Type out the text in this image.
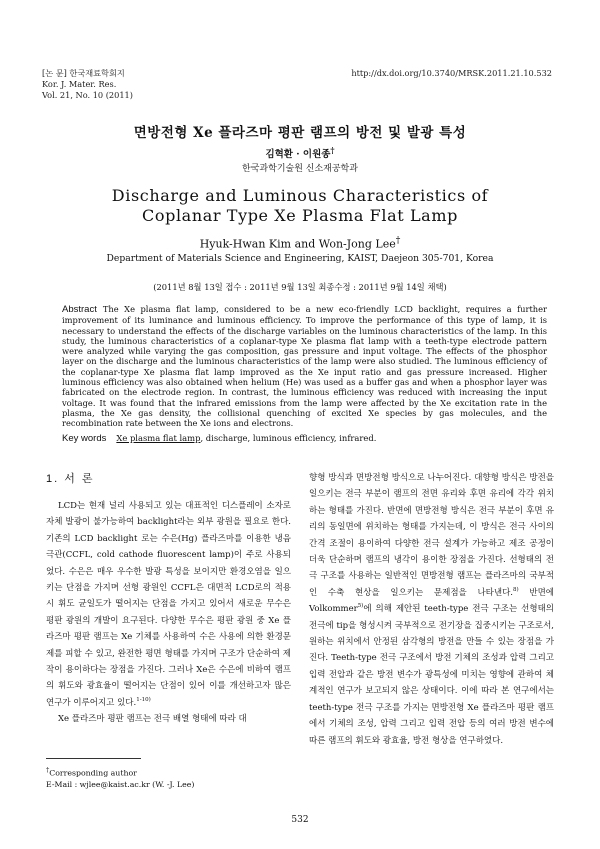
[논 문] 한국재료학회지
Kor. J. Mater. Res.
Vol. 21, No. 10 (2011)
http://dx.doi.org/10.3740/MRSK.2011.21.10.532
면방전형 Xe 플라즈마 평판 램프의 방전 및 발광 특성
김혁환 · 이원종†
한국과학기술원 신소재공학과
Discharge and Luminous Characteristics of
Coplanar Type Xe Plasma Flat Lamp
Hyuk-Hwan Kim and Won-Jong Lee†
Department of Materials Science and Engineering, KAIST, Daejeon 305-701, Korea
(2011년 8월 13일 접수 : 2011년 9월 13일 최종수정 : 2011년 9월 14일 채택)
Abstract The Xe plasma flat lamp, considered to be a new eco-friendly LCD backlight, requires a further improvement of its luminance and luminous efficiency. To improve the performance of this type of lamp, it is necessary to understand the effects of the discharge variables on the luminous characteristics of the lamp. In this study, the luminous characteristics of a coplanar-type Xe plasma flat lamp with a teeth-type electrode pattern were analyzed while varying the gas composition, gas pressure and input voltage. The effects of the phosphor layer on the discharge and the luminous characteristics of the lamp were also studied. The luminous efficiency of the coplanar-type Xe plasma flat lamp improved as the Xe input ratio and gas pressure increased. Higher luminous efficiency was also obtained when helium (He) was used as a buffer gas and when a phosphor layer was fabricated on the electrode region. In contrast, the luminous efficiency was reduced with increasing the input voltage. It was found that the infrared emissions from the lamp were affected by the Xe excitation rate in the plasma, the Xe gas density, the collisional quenching of excited Xe species by gas molecules, and the recombination rate between the Xe ions and electrons.
Key words Xe plasma flat lamp, discharge, luminous efficiency, infrared.
1. 서 론

LCD는 현재 널리 사용되고 있는 대표적인 디스플레이 소자로 자체 발광이 불가능하여 backlight라는 외부 광원을 필요로 한다. 기존의 LCD backlight 로는 수은(Hg) 플라즈마를 이용한 냉음극관(CCFL, cold cathode fluorescent lamp)이 주로 사용되었다. 수은은 매우 우수한 발광 특성을 보이지만 환경오염을 일으키는 단점을 가지며 선형 광원인 CCFL은 대면적 LCD로의 적용 시 휘도 균일도가 떨어지는 단점을 가지고 있어서 새로운 무수은 평판 광원의 개발이 요구된다. 다양한 무수은 평판 광원 중 Xe 플라즈마 평판 램프는 Xe 기체를 사용하여 수은 사용에 의한 환경문제를 피할 수 있고, 완전한 평면 형태를 가지며 구조가 단순하여 제작이 용이하다는 장점을 가진다. 그러나 Xe은 수은에 비하여 램프의 휘도와 광효율이 떨어지는 단점이 있어 이를 개선하고자 많은 연구가 이루어지고 있다.$^{1-10)}$

Xe 플라즈마 평판 램프는 전극 배열 형태에 따라 대

향형 방식과 면방전형 방식으로 나누어진다. 대향형 방식은 방전을 일으키는 전극 부분이 램프의 전면 유리와 후면 유리에 각각 위치하는 형태를 가진다. 반면에 면방전형 방식은 전극 부분이 후면 유리의 동일면에 위치하는 형태를 가지는데, 이 방식은 전극 사이의 간격 조절이 용이하여 다양한 전극 설계가 가능하고 제조 공정이 더욱 단순하며 램프의 냉각이 용이한 장점을 가진다. 선형태의 전극 구조를 사용하는 일반적인 면방전형 램프는 플라즈마의 국부적인 수축 현상을 일으키는 문제점을 나타낸다.$^{8)}$ 반면에 Volkommer$^{5)}$에 의해 제안된 teeth-type 전극 구조는 선형태의 전극에 tip을 형성시켜 국부적으로 전기장을 집중시키는 구조로서, 원하는 위치에서 안정된 삼각형의 방전을 만들 수 있는 장점을 가진다. Teeth-type 전극 구조에서 방전 기체의 조성과 압력 그리고 입력 전압과 같은 방전 변수가 광특성에 미치는 영향에 관하여 체계적인 연구가 보고되지 않은 상태이다. 이에 따라 본 연구에서는 teeth-type 전극 구조를 가지는 면방전형 Xe 플라즈마 평판 램프에서 기체의 조성, 압력 그리고 입력 전압 등의 여러 방전 변수에 따른 램프의 휘도와 광효율, 방전 형상을 연구하였다.

†Corresponding author
E-Mail : wjlee@kaist.ac.kr (W. -J. Lee)
532
